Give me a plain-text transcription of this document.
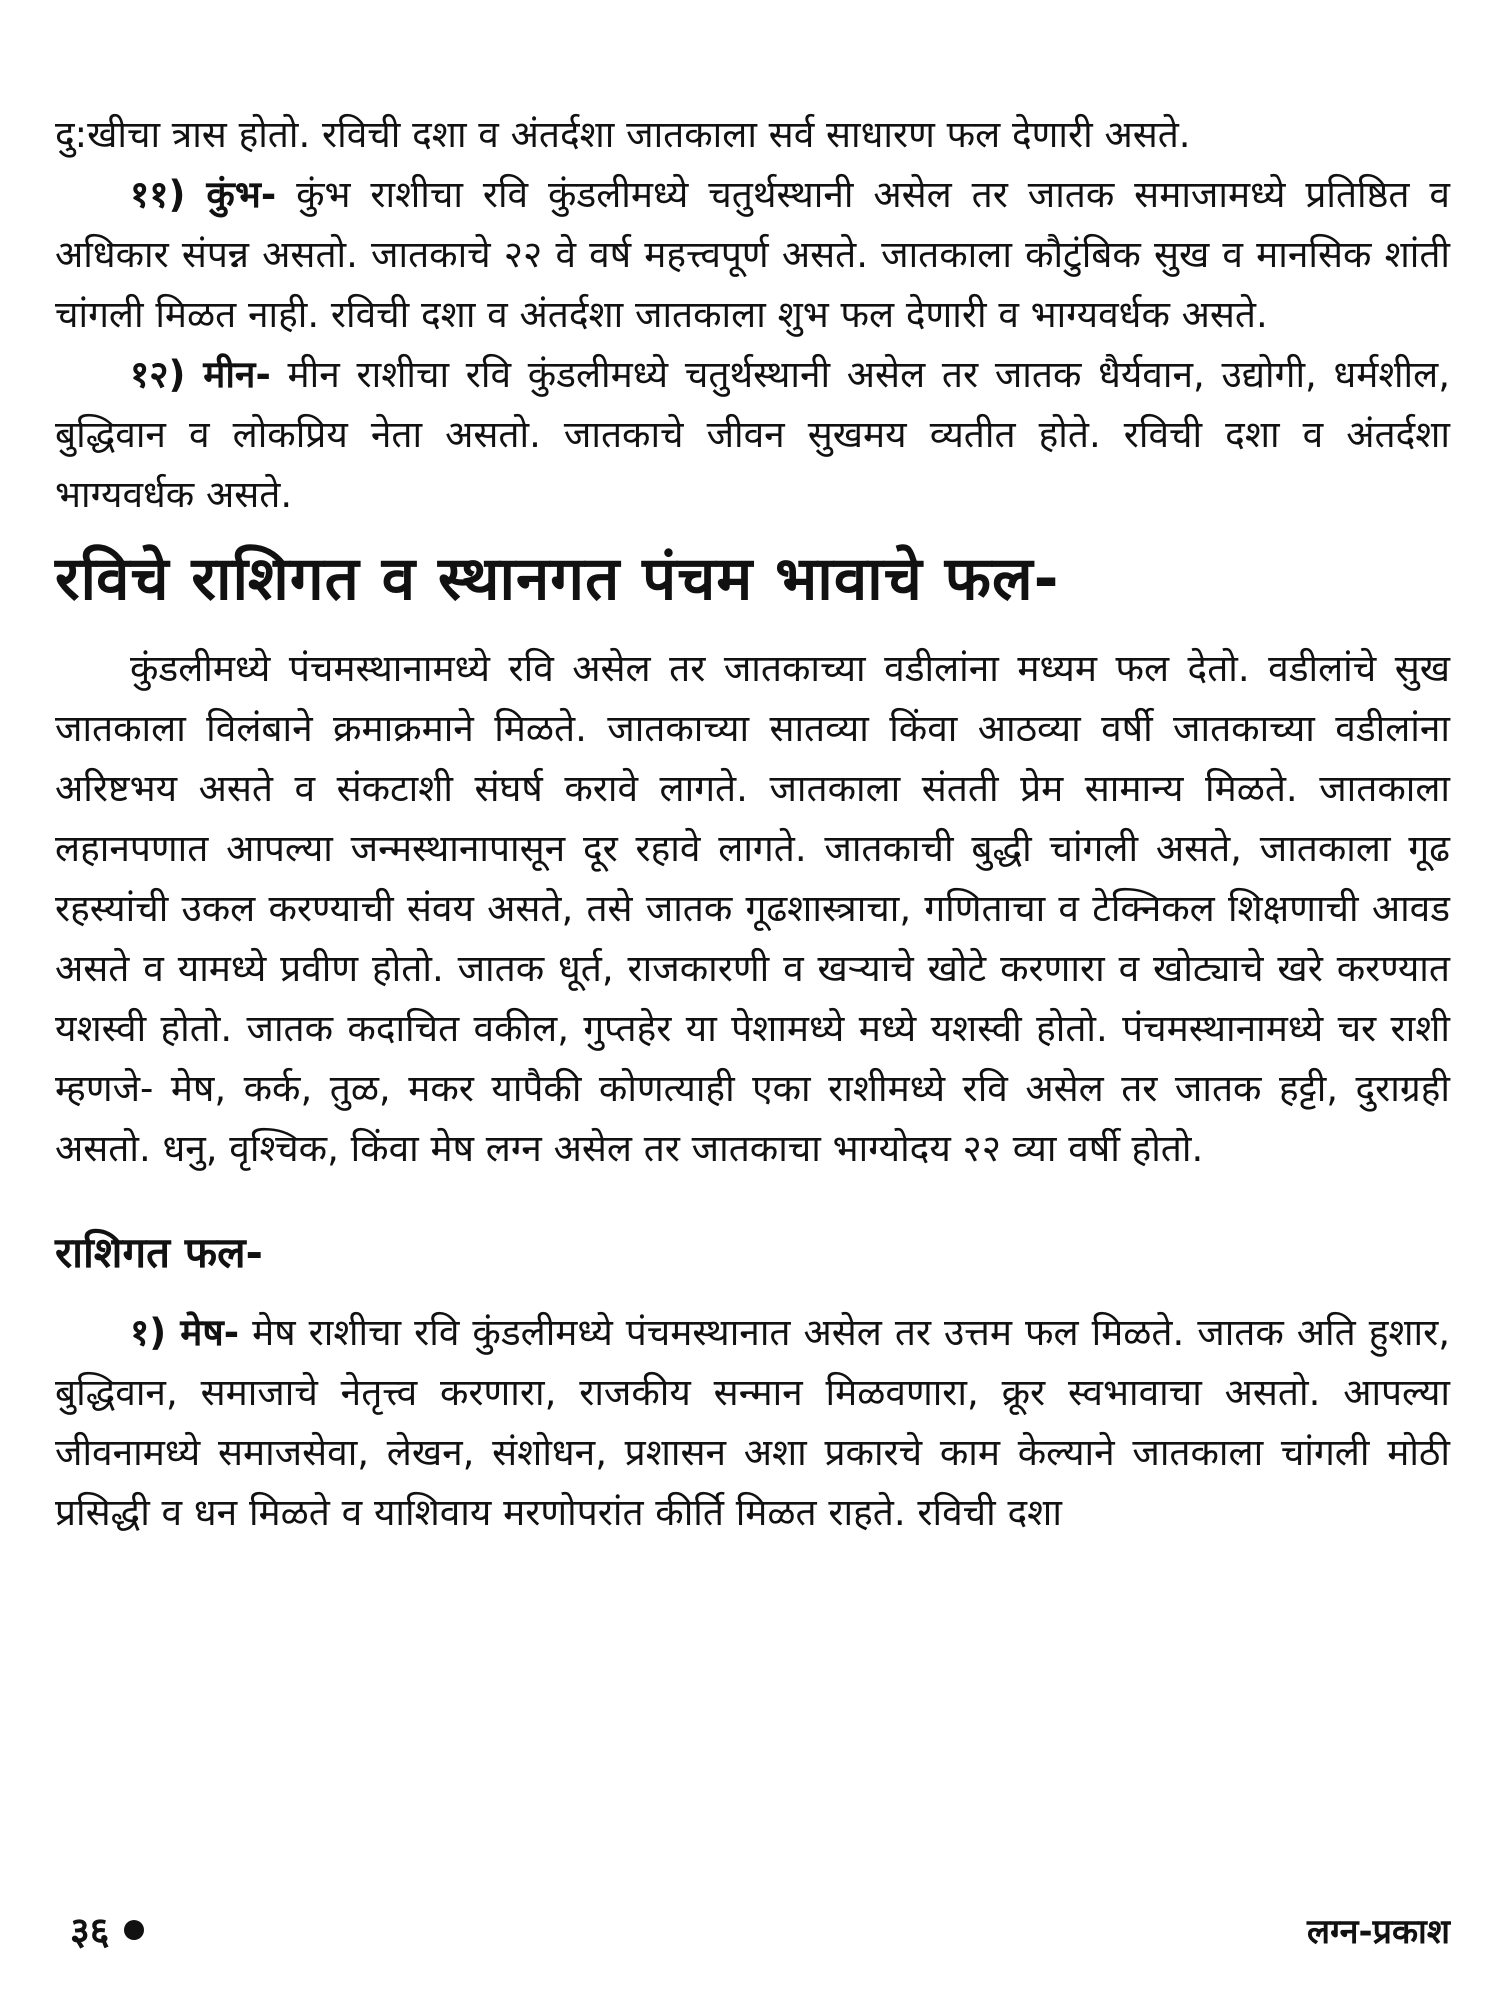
दु:खीचा त्रास होतो. रविची दशा व अंतर्दशा जातकाला सर्व साधारण फल देणारी असते.

११) कुंभ- कुंभ राशीचा रवि कुंडलीमध्ये चतुर्थस्थानी असेल तर जातक समाजामध्ये प्रतिष्ठित व अधिकार संपन्न असतो. जातकाचे २२ वे वर्ष महत्त्वपूर्ण असते. जातकाला कौटुंबिक सुख व मानसिक शांती चांगली मिळत नाही. रविची दशा व अंतर्दशा जातकाला शुभ फल देणारी व भाग्यवर्धक असते.

१२) मीन- मीन राशीचा रवि कुंडलीमध्ये चतुर्थस्थानी असेल तर जातक धैर्यवान, उद्योगी, धर्मशील, बुद्धिवान व लोकप्रिय नेता असतो. जातकाचे जीवन सुखमय व्यतीत होते. रविची दशा व अंतर्दशा भाग्यवर्धक असते.

रविचे राशिगत व स्थानगत पंचम भावाचे फल-

कुंडलीमध्ये पंचमस्थानामध्ये रवि असेल तर जातकाच्या वडीलांना मध्यम फल देतो. वडीलांचे सुख जातकाला विलंबाने क्रमाक्रमाने मिळते. जातकाच्या सातव्या किंवा आठव्या वर्षी जातकाच्या वडीलांना अरिष्टभय असते व संकटाशी संघर्ष करावे लागते. जातकाला संतती प्रेम सामान्य मिळते. जातकाला लहानपणात आपल्या जन्मस्थानापासून दूर रहावे लागते. जातकाची बुद्धी चांगली असते, जातकाला गूढ रहस्यांची उकल करण्याची संवय असते, तसे जातक गूढशास्त्राचा, गणिताचा व टेक्निकल शिक्षणाची आवड असते व यामध्ये प्रवीण होतो. जातक धूर्त, राजकारणी व खऱ्याचे खोटे करणारा व खोट्याचे खरे करण्यात यशस्वी होतो. जातक कदाचित वकील, गुप्तहेर या पेशामध्ये मध्ये यशस्वी होतो. पंचमस्थानामध्ये चर राशी म्हणजे- मेष, कर्क, तुळ, मकर यापैकी कोणत्याही एका राशीमध्ये रवि असेल तर जातक हट्टी, दुराग्रही असतो. धनु, वृश्चिक, किंवा मेष लग्न असेल तर जातकाचा भाग्योदय २२ व्या वर्षी होतो.

राशिगत फल-

१) मेष- मेष राशीचा रवि कुंडलीमध्ये पंचमस्थानात असेल तर उत्तम फल मिळते. जातक अति हुशार, बुद्धिवान, समाजाचे नेतृत्त्व करणारा, राजकीय सन्मान मिळवणारा, क्रूर स्वभावाचा असतो. आपल्या जीवनामध्ये समाजसेवा, लेखन, संशोधन, प्रशासन अशा प्रकारचे काम केल्याने जातकाला चांगली मोठी प्रसिद्धी व धन मिळते व याशिवाय मरणोपरांत कीर्ति मिळत राहते. रविची दशा

३६	लग्न-प्रकाश
